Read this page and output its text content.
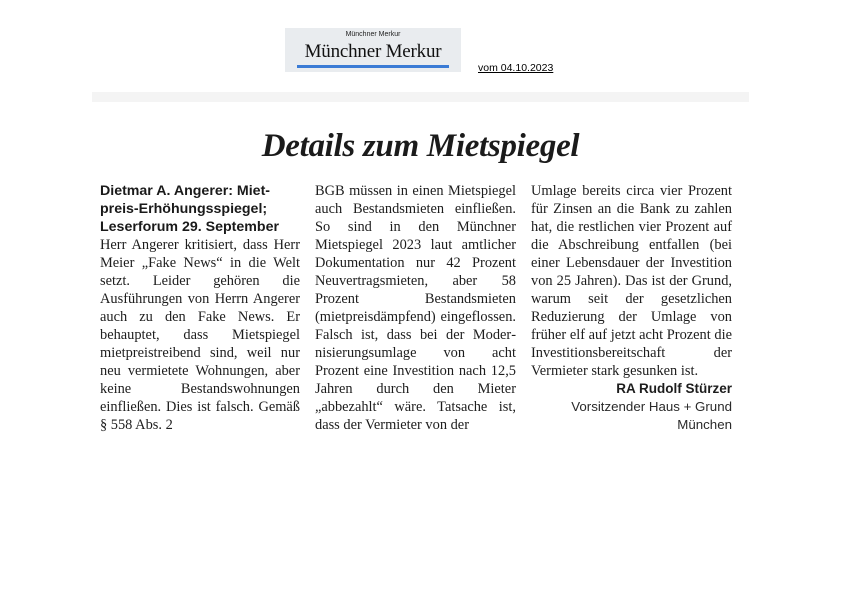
Münchner Merkur
Münchner Merkur
vom 04.10.2023
Details zum Mietspiegel

Dietmar A. Angerer: Mietpreis-Erhöhungsspiegel; Leserforum 29. September

Herr Angerer kritisiert, dass Herr Meier „Fake News“ in die Welt setzt. Leider gehören die Ausführungen von Herrn Angerer auch zu den Fake News. Er behauptet, dass Mietspiegel mietpreistreibend sind, weil nur neu vermietete Wohnungen, aber keine Bestandswohnungen einfließen. Dies ist falsch. Gemäß § 558 Abs. 2

BGB müssen in einen Mietspiegel auch Bestandsmieten einfließen. So sind in den Münchner Mietspiegel 2023 laut amtlicher Dokumentation nur 42 Prozent Neuvertragsmieten, aber 58 Prozent Bestandsmieten (mietpreisdämpfend) eingeflossen. Falsch ist, dass bei der Modernisierungsumlage von acht Prozent eine Investition nach 12,5 Jahren durch den Mieter „abbezahlt“ wäre. Tatsache ist, dass der Vermieter von der

Umlage bereits circa vier Prozent für Zinsen an die Bank zu zahlen hat, die restlichen vier Prozent auf die Abschreibung entfallen (bei einer Lebensdauer der Investition von 25 Jahren). Das ist der Grund, warum seit der gesetzlichen Reduzierung der Umlage von früher elf auf jetzt acht Prozent die Investitionsbereitschaft der Vermieter stark gesunken ist.

RA Rudolf Stürzer

Vorsitzender Haus + Grund

München
